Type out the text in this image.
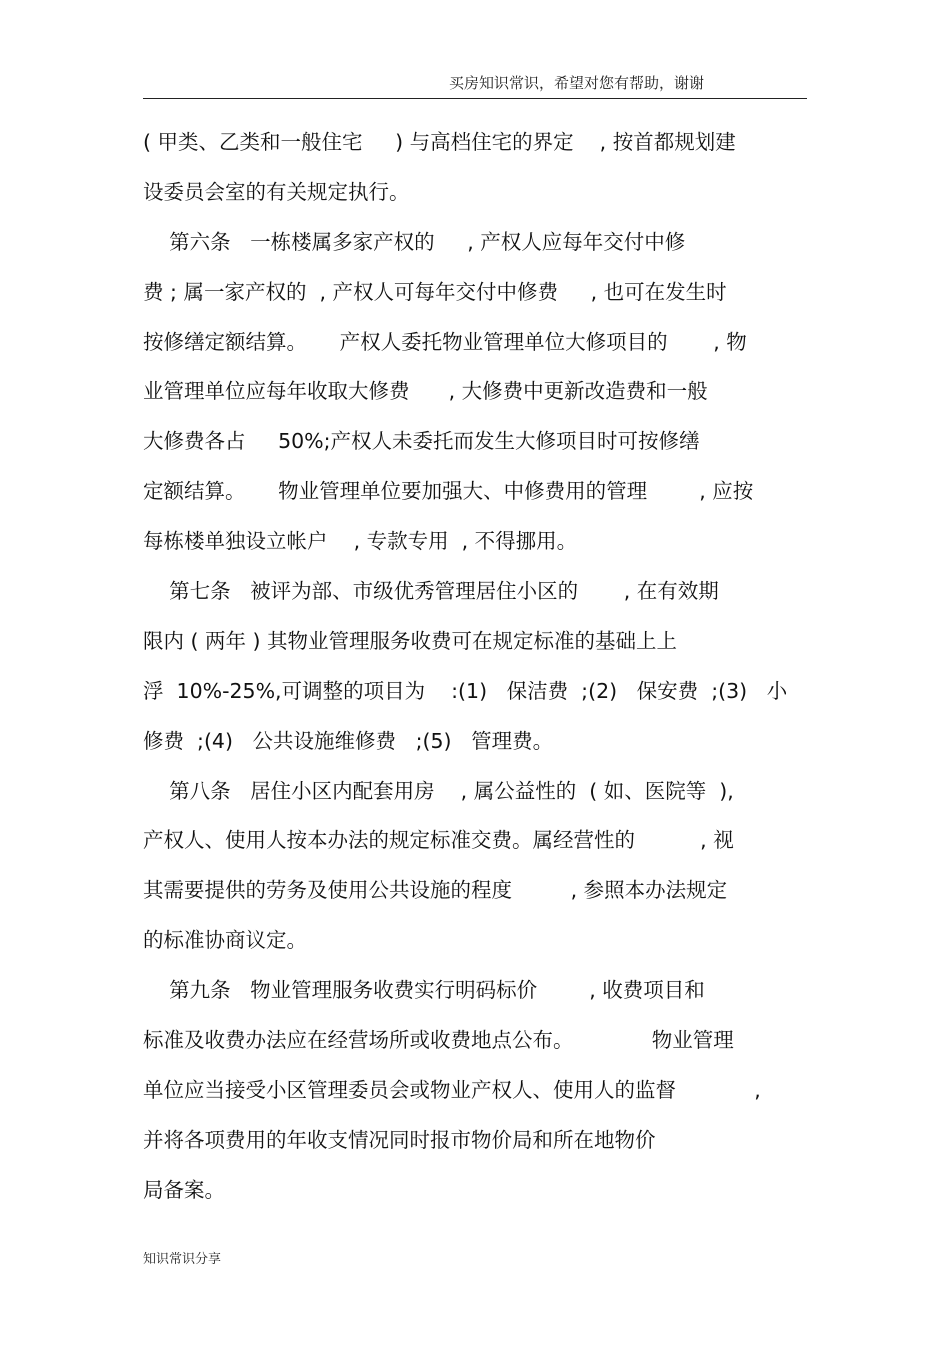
买房知识常识，希望对您有帮助，谢谢
( 甲类、乙类和一般住宅     ) 与高档住宅的界定    , 按首都规划建
设委员会室的有关规定执行。
第六条   一栋楼属多家产权的     , 产权人应每年交付中修
费 ; 属一家产权的  , 产权人可每年交付中修费     , 也可在发生时
按修缮定额结算。     产权人委托物业管理单位大修项目的       , 物
业管理单位应每年收取大修费      , 大修费中更新改造费和一般
大修费各占     50%;产权人未委托而发生大修项目时可按修缮
定额结算。     物业管理单位要加强大、中修费用的管理        , 应按
每栋楼单独设立帐户    , 专款专用  , 不得挪用。
第七条   被评为部、市级优秀管理居住小区的       , 在有效期
限内 ( 两年 ) 其物业管理服务收费可在规定标准的基础上上
浮  10%-25%,可调整的项目为    :(1)   保洁费  ;(2)   保安费  ;(3)   小
修费  ;(4)   公共设施维修费   ;(5)   管理费。
第八条   居住小区内配套用房    , 属公益性的  ( 如、医院等  ),
产权人、使用人按本办法的规定标准交费。属经营性的          , 视
其需要提供的劳务及使用公共设施的程度         , 参照本办法规定
的标准协商议定。
第九条   物业管理服务收费实行明码标价        , 收费项目和
标准及收费办法应在经营场所或收费地点公布。            物业管理
单位应当接受小区管理委员会或物业产权人、使用人的监督            ,
并将各项费用的年收支情况同时报市物价局和所在地物价
局备案。
知识常识分享
